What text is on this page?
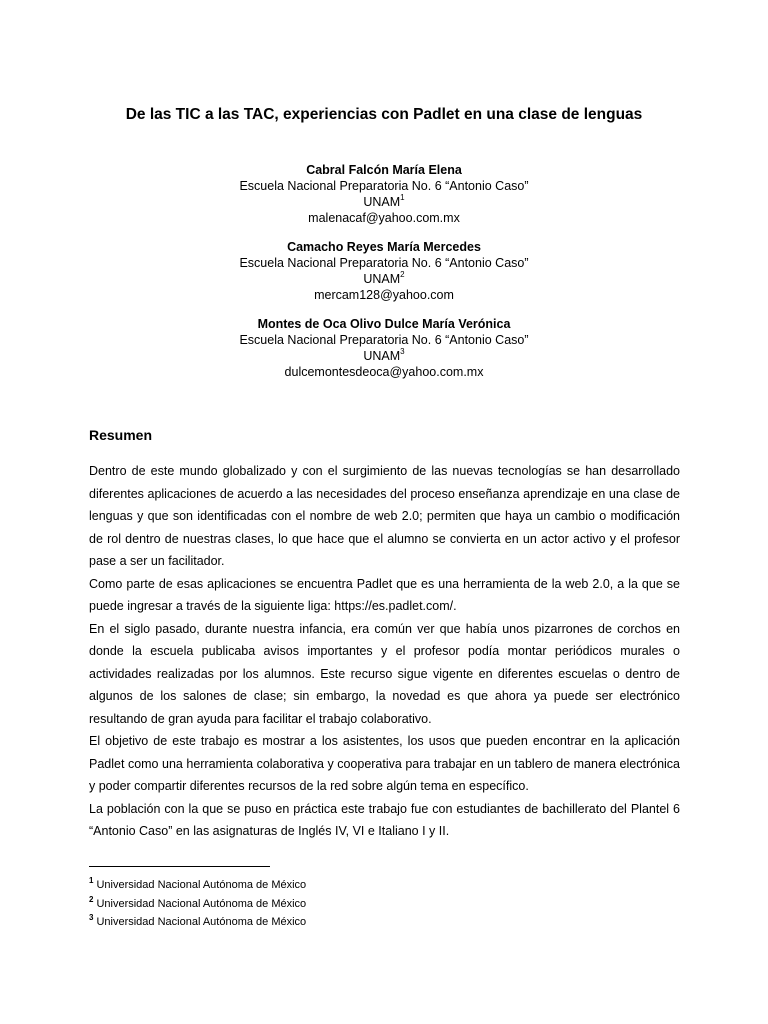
De las TIC a las TAC, experiencias con Padlet en una clase de lenguas
Cabral Falcón María Elena
Escuela Nacional Preparatoria No. 6 “Antonio Caso”
UNAM$^1$
malenacaf@yahoo.com.mx
Camacho Reyes María Mercedes
Escuela Nacional Preparatoria No. 6 “Antonio Caso”
UNAM$^2$
mercam128@yahoo.com
Montes de Oca Olivo Dulce María Verónica
Escuela Nacional Preparatoria No. 6 “Antonio Caso”
UNAM$^3$
dulcemontesdeoca@yahoo.com.mx
Resumen

Dentro de este mundo globalizado y con el surgimiento de las nuevas tecnologías se han desarrollado diferentes aplicaciones de acuerdo a las necesidades del proceso enseñanza aprendizaje en una clase de lenguas y que son identificadas con el nombre de web 2.0; permiten que haya un cambio o modificación de rol dentro de nuestras clases, lo que hace que el alumno se convierta en un actor activo y el profesor pase a ser un facilitador.

Como parte de esas aplicaciones se encuentra Padlet que es una herramienta de la web 2.0, a la que se puede ingresar a través de la siguiente liga: https://es.padlet.com/.

En el siglo pasado, durante nuestra infancia, era común ver que había unos pizarrones de corchos en donde la escuela publicaba avisos importantes y el profesor podía montar periódicos murales o actividades realizadas por los alumnos. Este recurso sigue vigente en diferentes escuelas o dentro de algunos de los salones de clase; sin embargo, la novedad es que ahora ya puede ser electrónico resultando de gran ayuda para facilitar el trabajo colaborativo.

El objetivo de este trabajo es mostrar a los asistentes, los usos que pueden encontrar en la aplicación Padlet como una herramienta colaborativa y cooperativa para trabajar en un tablero de manera electrónica y poder compartir diferentes recursos de la red sobre algún tema en específico.

La población con la que se puso en práctica este trabajo fue con estudiantes de bachillerato del Plantel 6 “Antonio Caso” en las asignaturas de Inglés IV, VI e Italiano I y II.

$^1$ Universidad Nacional Autónoma de México
$^2$ Universidad Nacional Autónoma de México
$^3$ Universidad Nacional Autónoma de México
